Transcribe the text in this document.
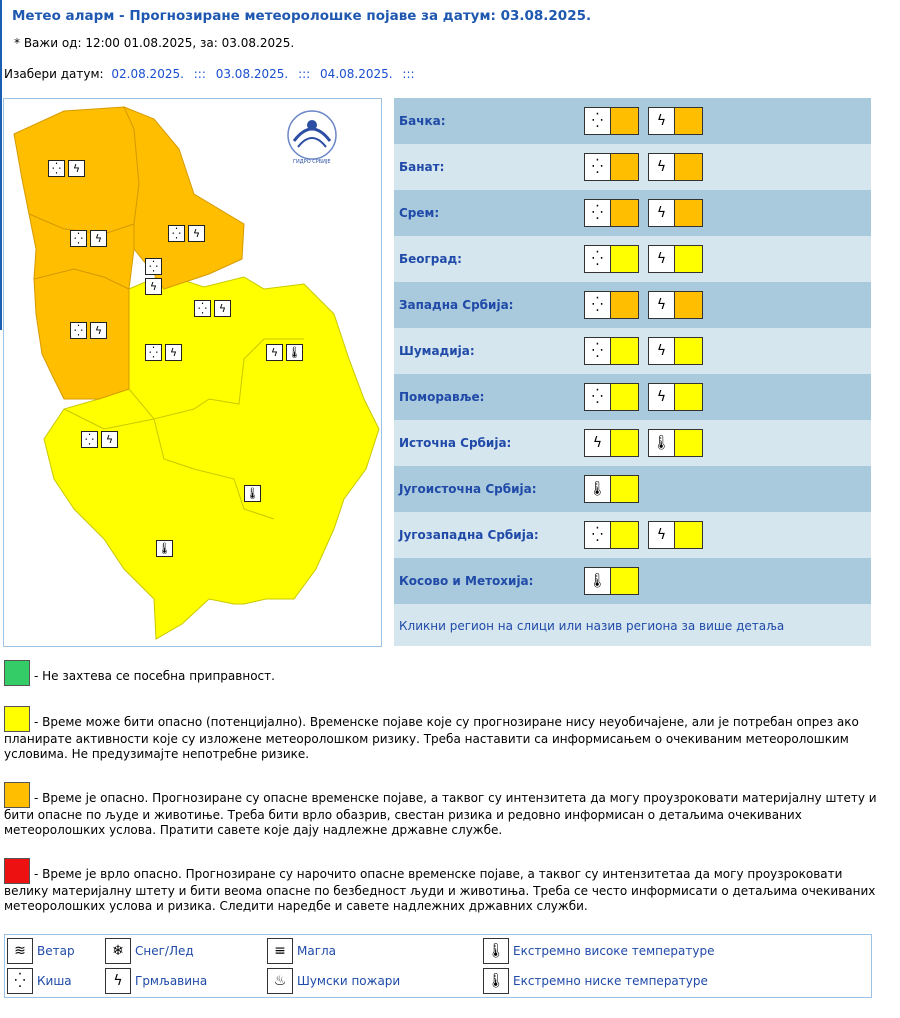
Метео аларм - Прогнозиране метеоролошке појаве за датум: 03.08.2025.
* Важи од: 12:00 01.08.2025, за: 03.08.2025.
Изабери датум: 02.08.2025. ::: 03.08.2025. ::: 04.08.2025. :::
ГИДРО СРБИЈЕ
⁛	ϟ
⁛	ϟ
⁛	ϟ
⁛
ϟ
⁛	ϟ
⁛	ϟ
⁛	ϟ	ϟ 🌡
⁛	ϟ
🌡
🌡
Бачка:	⁛	ϟ
Банат:	⁛	ϟ
Срем:	⁛	ϟ
Београд:	⁛	ϟ
Западна Србија:	⁛	ϟ
Шумадија:	⁛	ϟ
Поморавље:	⁛	ϟ
Источна Србија:	ϟ	🌡
Југоисточна Србија:	🌡
Југозападна Србија:	⁛	ϟ
Косово и Метохија:	🌡
Кликни регион на слици или назив региона за више детаља
- Не захтева се посебна приправност.
- Време може бити опасно (потенцијално). Временске појаве које су прогнозиране нису неуобичајене, али је потребан опрез ако планирате активности које су изложене метеоролошком ризику. Треба наставити са информисањем о очекиваним метеоролошким условима. Не предузимајте непотребне ризике.
- Време је опасно. Прогнозиране су опасне временске појаве, а таквог су интензитета да могу проузроковати материјалну штету и бити опасне по људе и животиње. Треба бити врло обазрив, свестан ризика и редовно информисан о детаљима очекиваних метеоролошких услова. Пратити савете које дају надлежне државне службе.
- Време је врло опасно. Прогнозиране су нарочито опасне временске појаве, а таквог су интензитетаа да могу проузроковати велику материјалну штету и бити веома опасне по безбедност људи и животиња. Треба се често информисати о детаљима очекиваних метеоролошких услова и ризика. Следити наредбе и савете надлежних државних служби.
≋ Ветар	❄ Снег/Лед	≡ Магла	🌡 Екстремно високе температуре
⁛ Киша	ϟ	Грмљавина	♨ Шумски пожари	🌡 Екстремно ниске температуре
